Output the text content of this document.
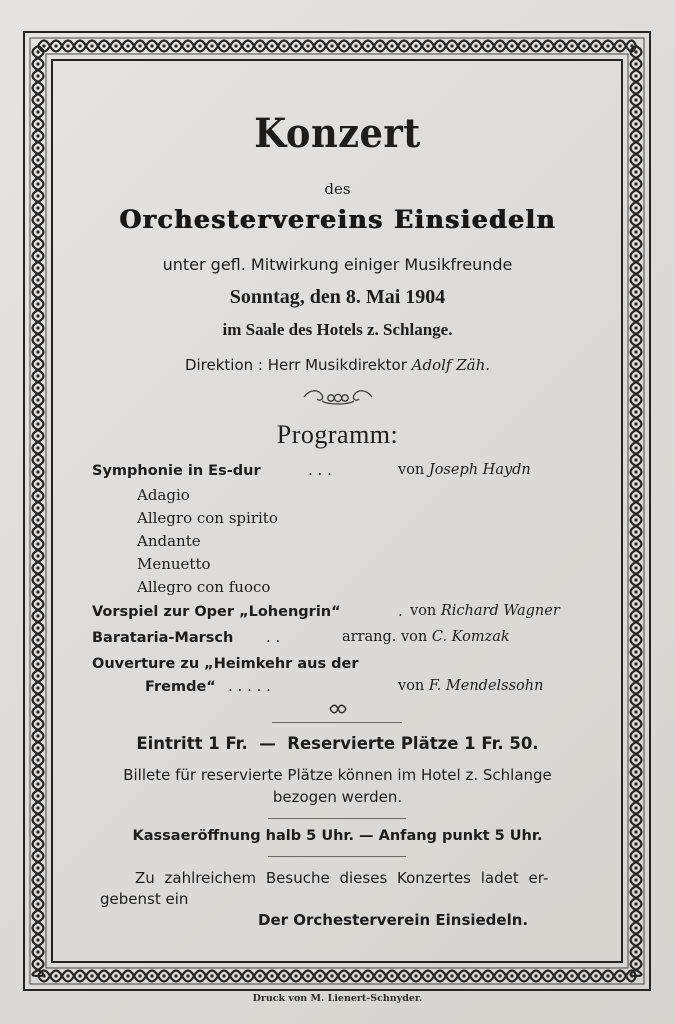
Konzert
des
Orchestervereins Einsiedeln
unter gefl. Mitwirkung einiger Musikfreunde
Sonntag, den 8. Mai 1904
im Saale des Hotels z. Schlange.
Direktion : Herr Musikdirektor Adolf Zäh.
Programm:
Symphonie in Es-dur	. . .	von Joseph Haydn
Adagio
Allegro con spirito
Andante
Menuetto
Allegro con fuoco
Vorspiel zur Oper „Lohengrin“	. von Richard Wagner
Barataria-Marsch . .	arrang. von C. Komzak
Ouverture zu „Heimkehr aus der
Fremde“ . . . . .	von F. Mendelssohn
Eintritt 1 Fr. — Reservierte Plätze 1 Fr. 50.
Billete für reservierte Plätze können im Hotel z. Schlange
bezogen werden.
Kassaeröffnung halb 5 Uhr. — Anfang punkt 5 Uhr.
Zu zahlreichem Besuche dieses Konzertes ladet er-
gebenst ein
Der Orchesterverein Einsiedeln.
Druck von M. Lienert-Schnyder.
